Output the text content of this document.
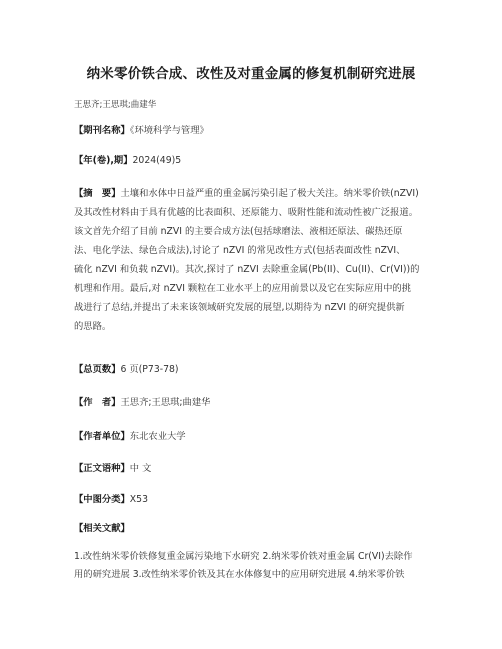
纳米零价铁合成、改性及对重金属的修复机制研究进展
王思齐;王思琪;曲建华
【期刊名称】《环境科学与管理》
【年(卷),期】2024(49)5
【摘　要】土壤和水体中日益严重的重金属污染引起了极大关注。纳米零价铁(nZVI)
及其改性材料由于具有优越的比表面积、还原能力、吸附性能和流动性被广泛报道。
该文首先介绍了目前 nZVI 的主要合成方法(包括球磨法、液相还原法、碳热还原
法、电化学法、绿色合成法),讨论了 nZVI 的常见改性方式(包括表面改性 nZVI、
硫化 nZVI 和负载 nZVI)。其次,探讨了 nZVI 去除重金属(Pb(II)、Cu(II)、Cr(VI))的
机理和作用。最后,对 nZVI 颗粒在工业水平上的应用前景以及它在实际应用中的挑
战进行了总结,并提出了未来该领域研究发展的展望,以期待为 nZVI 的研究提供新
的思路。
【总页数】6 页(P73-78)
【作　者】王思齐;王思琪;曲建华
【作者单位】东北农业大学
【正文语种】中 文
【中图分类】X53
【相关文献】
1.改性纳米零价铁修复重金属污染地下水研究 2.纳米零价铁对重金属 Cr(VI)去除作
用的研究进展 3.改性纳米零价铁及其在水体修复中的应用研究进展 4.纳米零价铁
